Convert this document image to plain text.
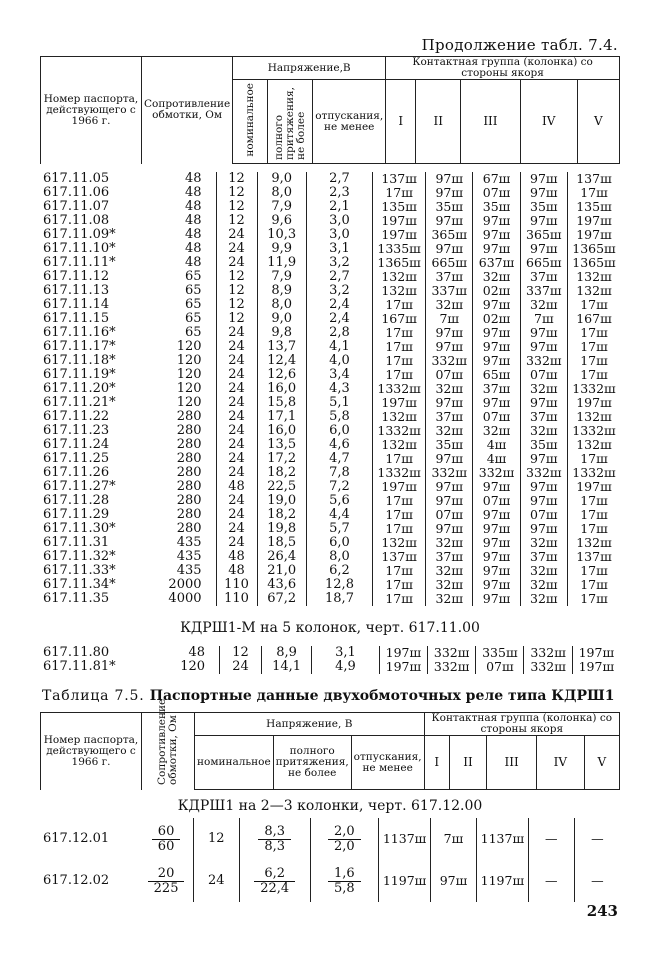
Продолжение табл. 7.4.
Номер паспорта, действующего с 1966 г.	Сопротивление обмотки, Ом	Напряжение,В			Контактная группа (колонка) со стороны якоря				
		номинальное	полного притяжения, не более	отпускания, не менее	I	II	III	IV	V
617.11.05	48	12	9,0	2,7	137ш	97ш	67ш	97ш	137ш
617.11.06	48	12	8,0	2,3	17ш	97ш	07ш	97ш	17ш
617.11.07	48	12	7,9	2,1	135ш	35ш	35ш	35ш	135ш
617.11.08	48	12	9,6	3,0	197ш	97ш	97ш	97ш	197ш
617.11.09*	48	24	10,3	3,0	197ш	365ш	97ш	365ш	197ш
617.11.10*	48	24	9,9	3,1	1335ш	97ш	97ш	97ш	1365ш
617.11.11*	48	24	11,9	3,2	1365ш	665ш	637ш	665ш	1365ш
617.11.12	65	12	7,9	2,7	132ш	37ш	32ш	37ш	132ш
617.11.13	65	12	8,9	3,2	132ш	337ш	02ш	337ш	132ш
617.11.14	65	12	8,0	2,4	17ш	32ш	97ш	32ш	17ш
617.11.15	65	12	9,0	2,4	167ш	7ш	02ш	7ш	167ш
617.11.16*	65	24	9,8	2,8	17ш	97ш	97ш	97ш	17ш
617.11.17*	120	24	13,7	4,1	17ш	97ш	97ш	97ш	17ш
617.11.18*	120	24	12,4	4,0	17ш	332ш	97ш	332ш	17ш
617.11.19*	120	24	12,6	3,4	17ш	07ш	65ш	07ш	17ш
617.11.20*	120	24	16,0	4,3	1332ш	32ш	37ш	32ш	1332ш
617.11.21*	120	24	15,8	5,1	197ш	97ш	97ш	97ш	197ш
617.11.22	280	24	17,1	5,8	132ш	37ш	07ш	37ш	132ш
617.11.23	280	24	16,0	6,0	1332ш	32ш	32ш	32ш	1332ш
617.11.24	280	24	13,5	4,6	132ш	35ш	4ш	35ш	132ш
617.11.25	280	24	17,2	4,7	17ш	97ш	4ш	97ш	17ш
617.11.26	280	24	18,2	7,8	1332ш	332ш	332ш	332ш	1332ш
617.11.27*	280	48	22,5	7,2	197ш	97ш	97ш	97ш	197ш
617.11.28	280	24	19,0	5,6	17ш	97ш	07ш	97ш	17ш
617.11.29	280	24	18,2	4,4	17ш	07ш	97ш	07ш	17ш
617.11.30*	280	24	19,8	5,7	17ш	97ш	97ш	97ш	17ш
617.11.31	435	24	18,5	6,0	132ш	32ш	97ш	32ш	132ш
617.11.32*	435	48	26,4	8,0	137ш	37ш	97ш	37ш	137ш
617.11.33*	435	48	21,0	6,2	17ш	32ш	97ш	32ш	17ш
617.11.34*	2000	110	43,6	12,8	17ш	32ш	97ш	32ш	17ш
617.11.35	4000	110	67,2	18,7	17ш	32ш	97ш	32ш	17ш
КДРШ1-М на 5 колонок, черт. 617.11.00
617.11.80	48	12	8,9	3,1	197ш	332ш	335ш	332ш	197ш
617.11.81*	120	24	14,1	4,9	197ш	332ш	07ш	332ш	197ш
Таблица 7.5. Паспортные данные двухобмоточных реле типа КДРШ1
Номер паспорта, действующего с 1966 г.	Сопротивление обмотки, Ом	Напряжение, В			Контактная группа (колонка) со стороны якоря				
		номинальное	полного притяжения, не более	отпускания, не менее	I	II	III	IV	V
КДРШ1 на 2—3 колонки, черт. 617.12.00
617.12.01	$\frac{60}{60}$	12	$\frac{8,3}{8,3}$	$\frac{2,0}{2,0}$	1137ш	7ш	1137ш	—	—
617.12.02	$\frac{20}{225}$	24	$\frac{6,2}{22,4}$	$\frac{1,6}{5,8}$	1197ш	97ш	1197ш	—	—
243
